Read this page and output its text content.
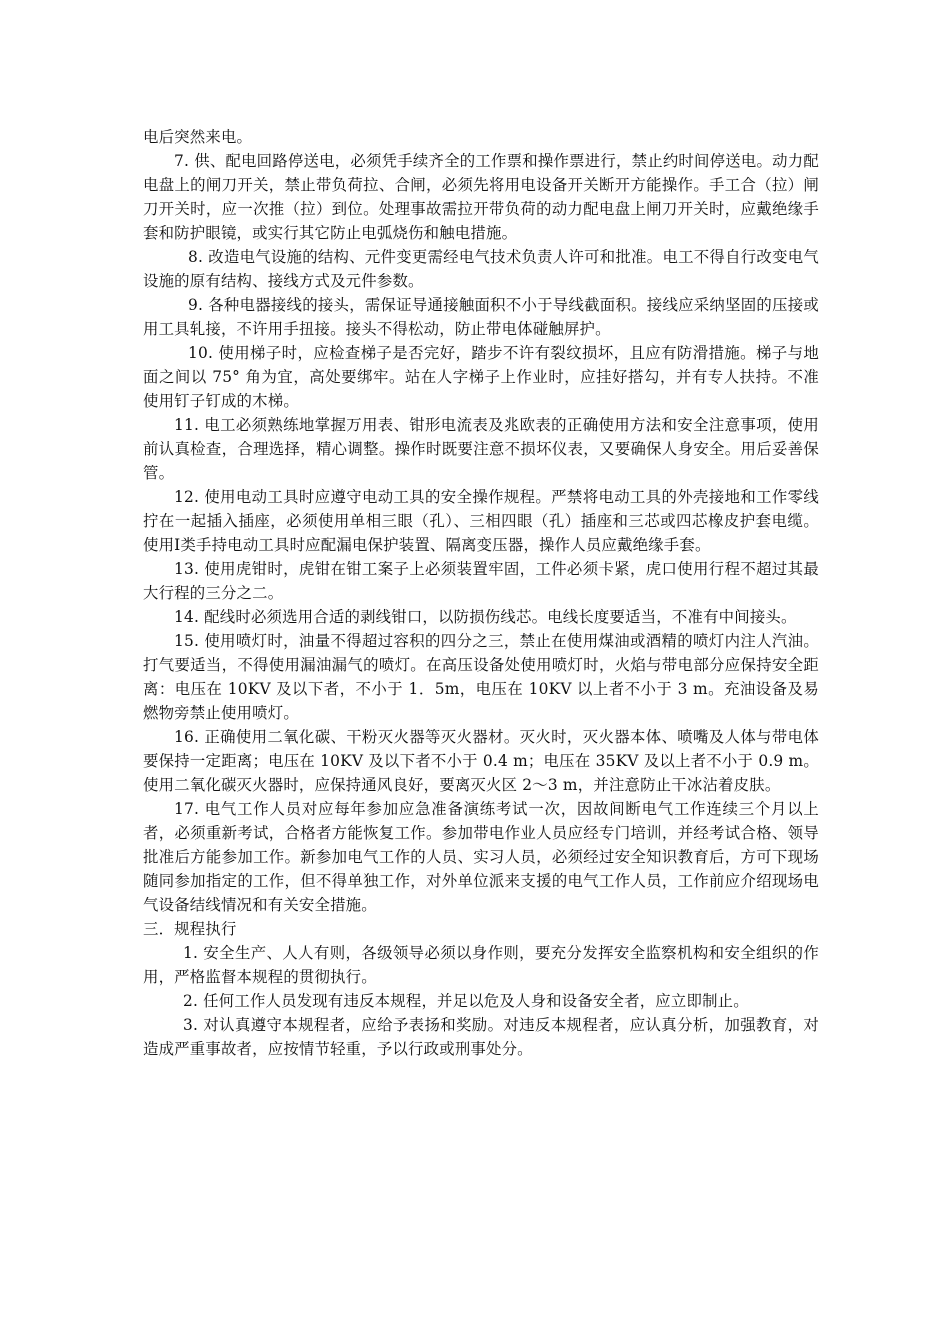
电后突然来电。

7. 供、配电回路停送电，必须凭手续齐全的工作票和操作票进行，禁止约时间停送电。动力配电盘上的闸刀开关，禁止带负荷拉、合闸，必须先将用电设备开关断开方能操作。手工合（拉）闸刀开关时，应一次推（拉）到位。处理事故需拉开带负荷的动力配电盘上闸刀开关时，应戴绝缘手套和防护眼镜，或实行其它防止电弧烧伤和触电措施。

8. 改造电气设施的结构、元件变更需经电气技术负责人许可和批准。电工不得自行改变电气设施的原有结构、接线方式及元件参数。

9. 各种电器接线的接头，需保证导通接触面积不小于导线截面积。接线应采纳坚固的压接或用工具轧接，不许用手扭接。接头不得松动，防止带电体碰触屏护。

10. 使用梯子时，应检查梯子是否完好，踏步不许有裂纹损坏，且应有防滑措施。梯子与地面之间以 75° 角为宜，高处要绑牢。站在人字梯子上作业时，应挂好搭勾，并有专人扶持。不准使用钉子钉成的木梯。

11. 电工必须熟练地掌握万用表、钳形电流表及兆欧表的正确使用方法和安全注意事项，使用前认真检查，合理选择，精心调整。操作时既要注意不损坏仪表，又要确保人身安全。用后妥善保管。

12. 使用电动工具时应遵守电动工具的安全操作规程。严禁将电动工具的外壳接地和工作零线拧在一起插入插座，必须使用单相三眼（孔）、三相四眼（孔）插座和三芯或四芯橡皮护套电缆。使用Ⅰ类手持电动工具时应配漏电保护装置、隔离变压器，操作人员应戴绝缘手套。

13. 使用虎钳时，虎钳在钳工案子上必须装置牢固，工件必须卡紧，虎口使用行程不超过其最大行程的三分之二。

14. 配线时必须选用合适的剥线钳口，以防损伤线芯。电线长度要适当，不准有中间接头。

15. 使用喷灯时，油量不得超过容积的四分之三，禁止在使用煤油或酒精的喷灯内注人汽油。打气要适当，不得使用漏油漏气的喷灯。在高压设备处使用喷灯时，火焰与带电部分应保持安全距离：电压在 10KV 及以下者，不小于 1．5m，电压在 10KV 以上者不小于 3 m。充油设备及易燃物旁禁止使用喷灯。

16. 正确使用二氧化碳、干粉灭火器等灭火器材。灭火时，灭火器本体、喷嘴及人体与带电体要保持一定距离；电压在 10KV 及以下者不小于 0.4 m；电压在 35KV 及以上者不小于 0.9 m。使用二氧化碳灭火器时，应保持通风良好，要离灭火区 2～3 m，并注意防止干冰沾着皮肤。

17. 电气工作人员对应每年参加应急准备演练考试一次，因故间断电气工作连续三个月以上者，必须重新考试，合格者方能恢复工作。参加带电作业人员应经专门培训，并经考试合格、领导批准后方能参加工作。新参加电气工作的人员、实习人员，必须经过安全知识教育后，方可下现场随同参加指定的工作，但不得单独工作，对外单位派来支援的电气工作人员，工作前应介绍现场电气设备结线情况和有关安全措施。

三．规程执行

1. 安全生产、人人有则，各级领导必须以身作则，要充分发挥安全监察机构和安全组织的作用，严格监督本规程的贯彻执行。

2. 任何工作人员发现有违反本规程，并足以危及人身和设备安全者，应立即制止。

3. 对认真遵守本规程者，应给予表扬和奖励。对违反本规程者，应认真分析，加强教育，对造成严重事故者，应按情节轻重，予以行政或刑事处分。
